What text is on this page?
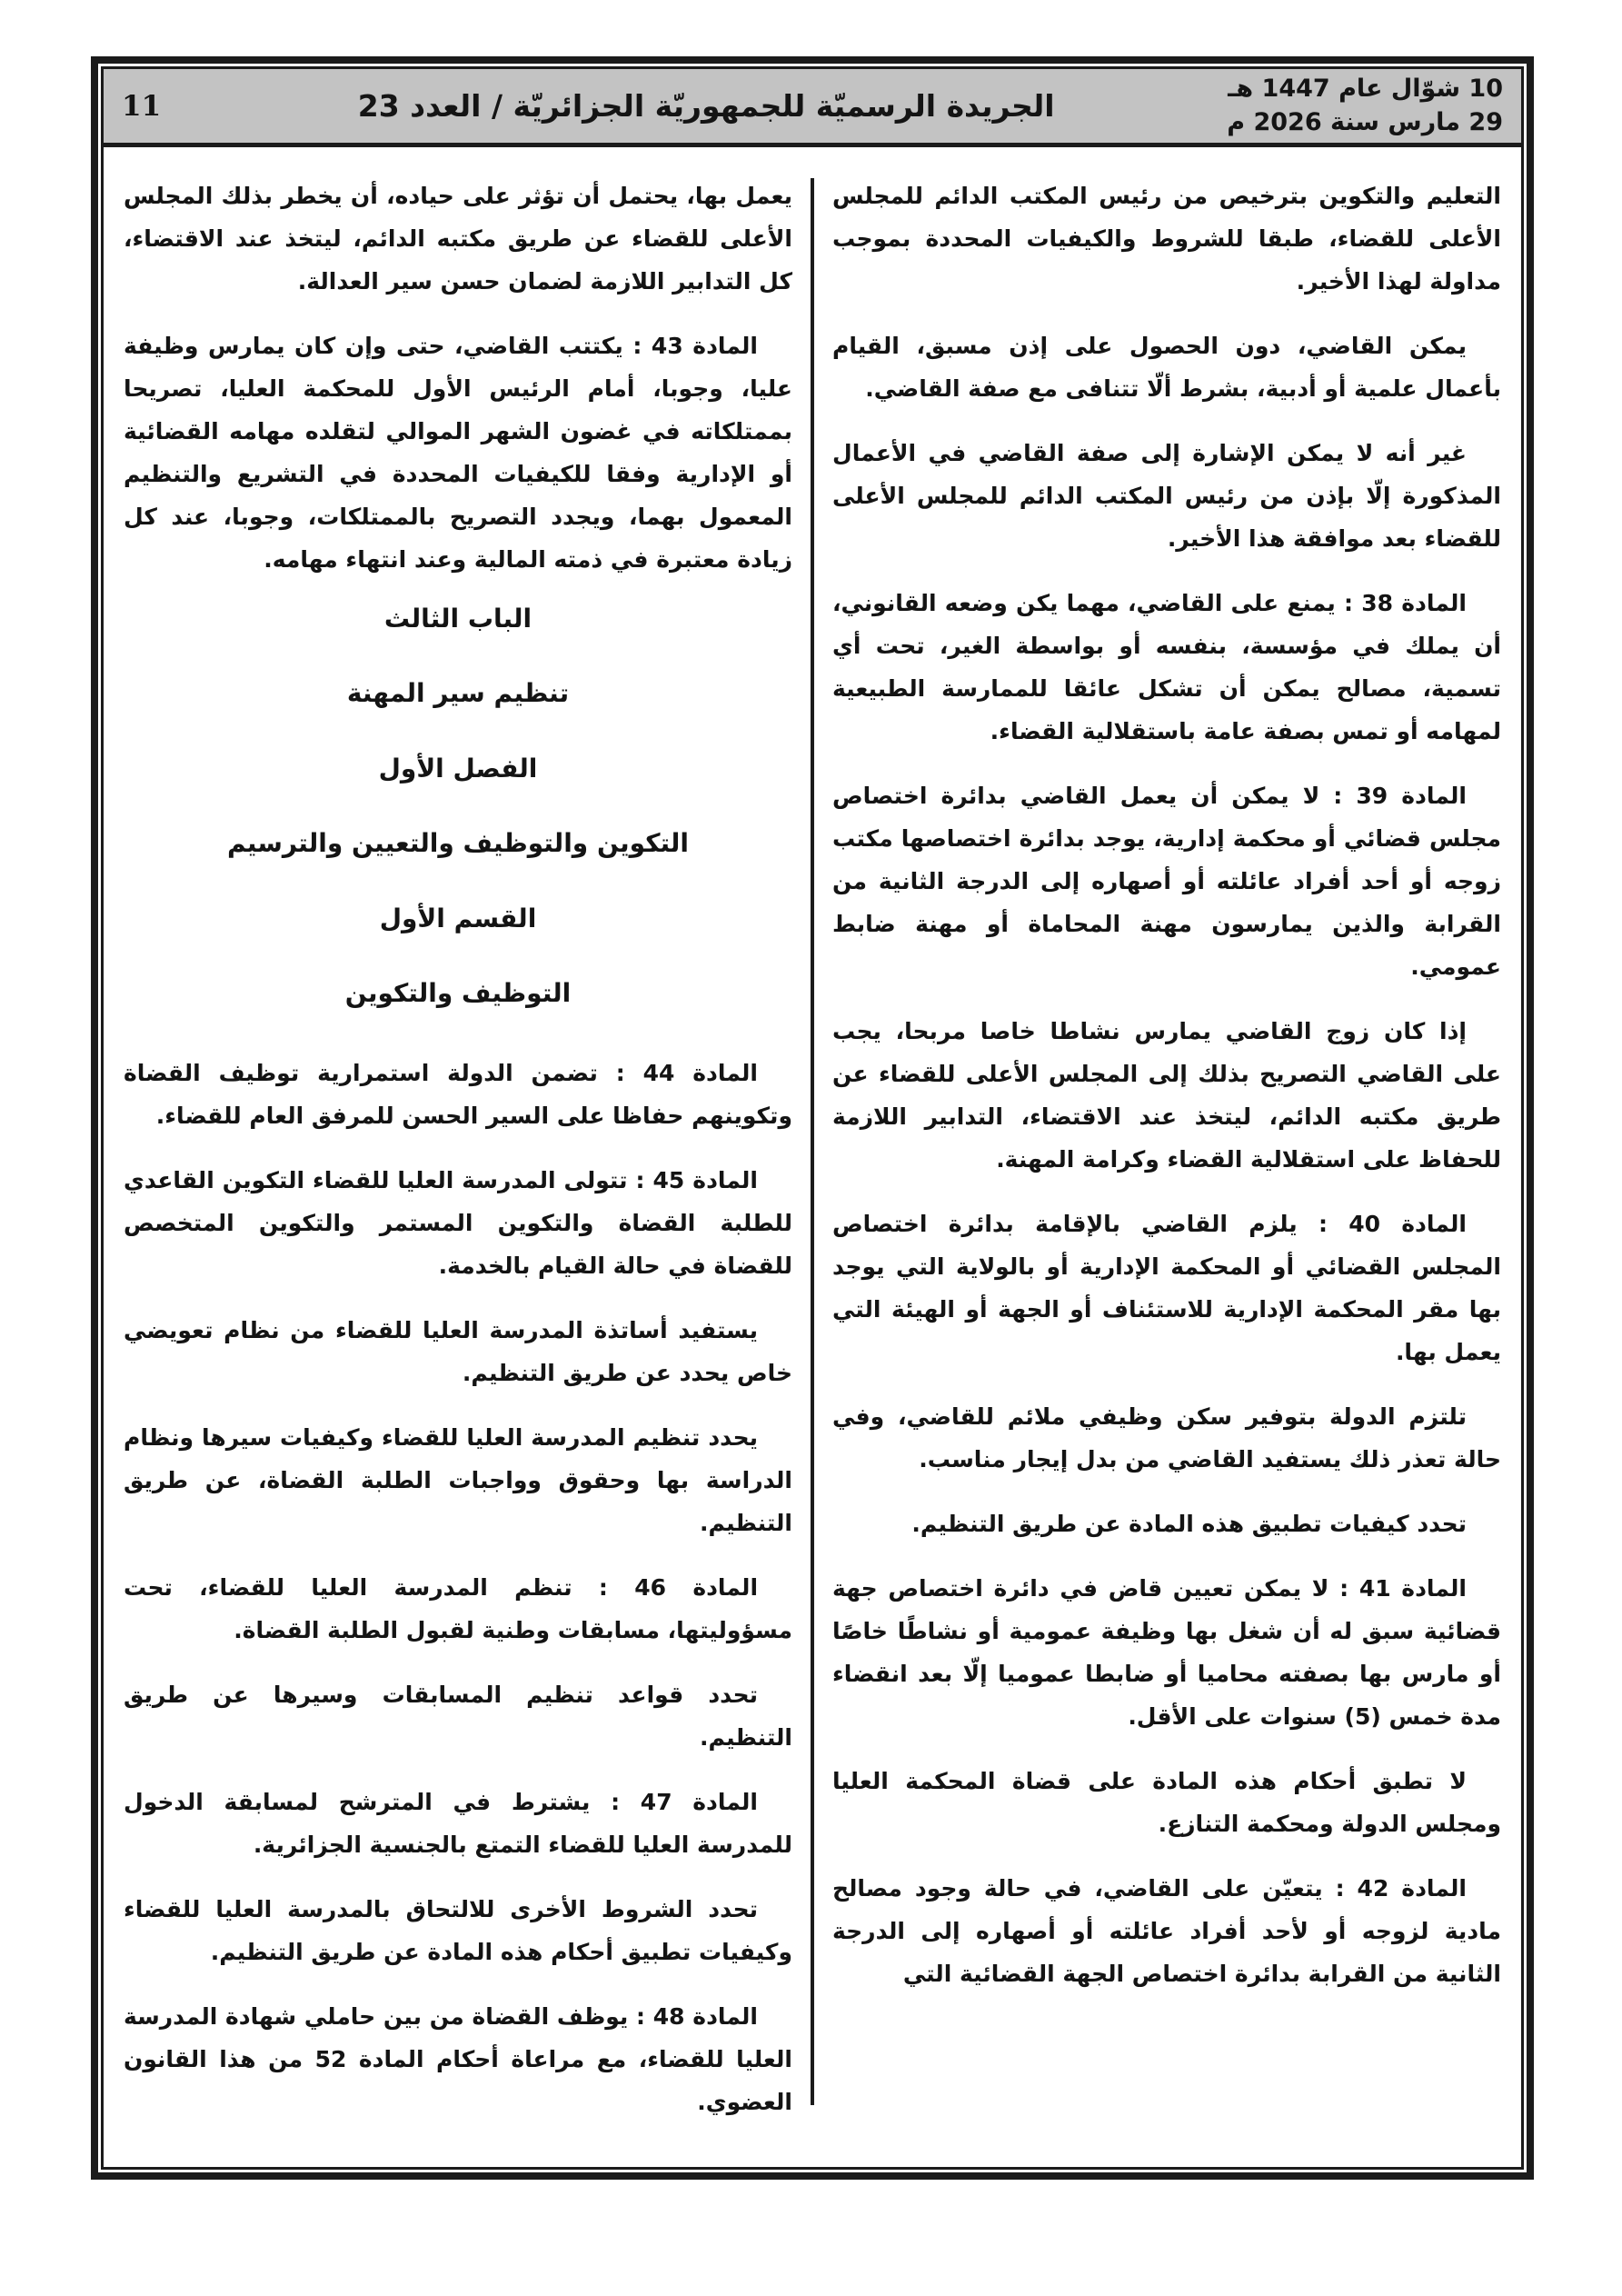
10 شوّال عام 1447 هـ
29 مارس سنة 2026 م
الجريدة الرسميّة للجمهوريّة الجزائريّة / العدد 23
11

التعليم والتكوين بترخيص من رئيس المكتب الدائم للمجلس الأعلى للقضاء، طبقا للشروط والكيفيات المحددة بموجب مداولة لهذا الأخير.

يمكن القاضي، دون الحصول على إذن مسبق، القيام بأعمال علمية أو أدبية، بشرط ألّا تتنافى مع صفة القاضي.

غير أنه لا يمكن الإشارة إلى صفة القاضي في الأعمال المذكورة إلّا بإذن من رئيس المكتب الدائم للمجلس الأعلى للقضاء بعد موافقة هذا الأخير.

المادة 38 : يمنع على القاضي، مهما يكن وضعه القانوني، أن يملك في مؤسسة، بنفسه أو بواسطة الغير، تحت أي تسمية، مصالح يمكن أن تشكل عائقا للممارسة الطبيعية لمهامه أو تمس بصفة عامة باستقلالية القضاء.

المادة 39 : لا يمكن أن يعمل القاضي بدائرة اختصاص مجلس قضائي أو محكمة إدارية، يوجد بدائرة اختصاصها مكتب زوجه أو أحد أفراد عائلته أو أصهاره إلى الدرجة الثانية من القرابة والذين يمارسون مهنة المحاماة أو مهنة ضابط عمومي.

إذا كان زوج القاضي يمارس نشاطا خاصا مربحا، يجب على القاضي التصريح بذلك إلى المجلس الأعلى للقضاء عن طريق مكتبه الدائم، ليتخذ عند الاقتضاء، التدابير اللازمة للحفاظ على استقلالية القضاء وكرامة المهنة.

المادة 40 : يلزم القاضي بالإقامة بدائرة اختصاص المجلس القضائي أو المحكمة الإدارية أو بالولاية التي يوجد بها مقر المحكمة الإدارية للاستئناف أو الجهة أو الهيئة التي يعمل بها.

تلتزم الدولة بتوفير سكن وظيفي ملائم للقاضي، وفي حالة تعذر ذلك يستفيد القاضي من بدل إيجار مناسب.

تحدد كيفيات تطبيق هذه المادة عن طريق التنظيم.

المادة 41 : لا يمكن تعيين قاض في دائرة اختصاص جهة قضائية سبق له أن شغل بها وظيفة عمومية أو نشاطًا خاصًا أو مارس بها بصفته محاميا أو ضابطا عموميا إلّا بعد انقضاء مدة خمس (5) سنوات على الأقل.

لا تطبق أحكام هذه المادة على قضاة المحكمة العليا ومجلس الدولة ومحكمة التنازع.

المادة 42 : يتعيّن على القاضي، في حالة وجود مصالح مادية لزوجه أو لأحد أفراد عائلته أو أصهاره إلى الدرجة الثانية من القرابة بدائرة اختصاص الجهة القضائية التي

يعمل بها، يحتمل أن تؤثر على حياده، أن يخطر بذلك المجلس الأعلى للقضاء عن طريق مكتبه الدائم، ليتخذ عند الاقتضاء، كل التدابير اللازمة لضمان حسن سير العدالة.

المادة 43 : يكتتب القاضي، حتى وإن كان يمارس وظيفة عليا، وجوبا، أمام الرئيس الأول للمحكمة العليا، تصريحا بممتلكاته في غضون الشهر الموالي لتقلده مهامه القضائية أو الإدارية وفقا للكيفيات المحددة في التشريع والتنظيم المعمول بهما، ويجدد التصريح بالممتلكات، وجوبا، عند كل زيادة معتبرة في ذمته المالية وعند انتهاء مهامه.

الباب الثالث
تنظيم سير المهنة
الفصل الأول
التكوين والتوظيف والتعيين والترسيم
القسم الأول
التوظيف والتكوين

المادة 44 : تضمن الدولة استمرارية توظيف القضاة وتكوينهم حفاظا على السير الحسن للمرفق العام للقضاء.

المادة 45 : تتولى المدرسة العليا للقضاء التكوين القاعدي للطلبة القضاة والتكوين المستمر والتكوين المتخصص للقضاة في حالة القيام بالخدمة.

يستفيد أساتذة المدرسة العليا للقضاء من نظام تعويضي خاص يحدد عن طريق التنظيم.

يحدد تنظيم المدرسة العليا للقضاء وكيفيات سيرها ونظام الدراسة بها وحقوق وواجبات الطلبة القضاة، عن طريق التنظيم.

المادة 46 : تنظم المدرسة العليا للقضاء، تحت مسؤوليتها، مسابقات وطنية لقبول الطلبة القضاة.

تحدد قواعد تنظيم المسابقات وسيرها عن طريق التنظيم.

المادة 47 : يشترط في المترشح لمسابقة الدخول للمدرسة العليا للقضاء التمتع بالجنسية الجزائرية.

تحدد الشروط الأخرى للالتحاق بالمدرسة العليا للقضاء وكيفيات تطبيق أحكام هذه المادة عن طريق التنظيم.

المادة 48 : يوظف القضاة من بين حاملي شهادة المدرسة العليا للقضاء، مع مراعاة أحكام المادة 52 من هذا القانون العضوي.
